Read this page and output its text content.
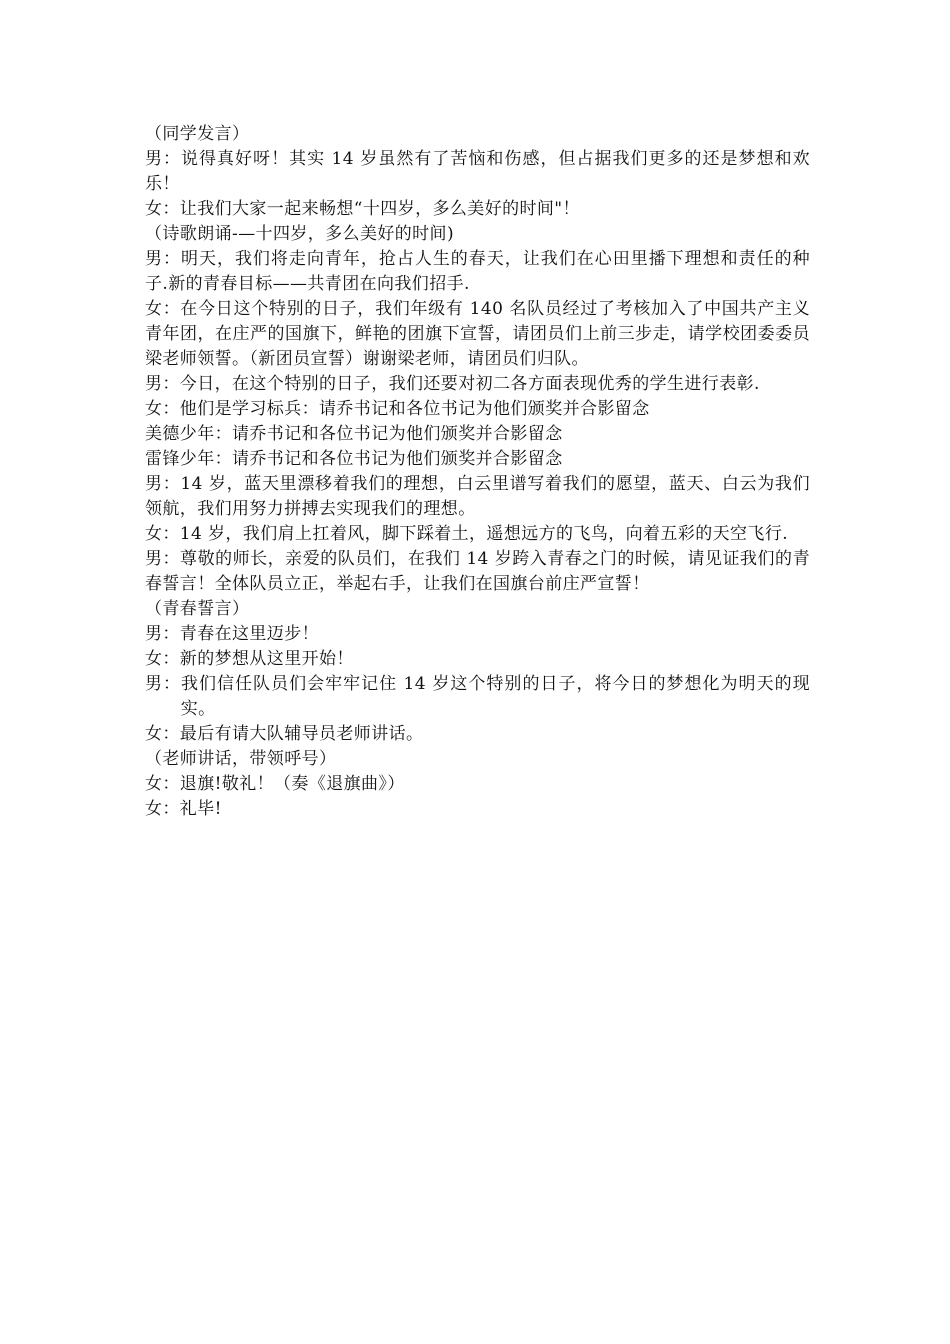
（同学发言）

男：说得真好呀！其实 14 岁虽然有了苦恼和伤感，但占据我们更多的还是梦想和欢乐！

女：让我们大家一起来畅想“十四岁，多么美好的时间"！

（诗歌朗诵-—十四岁，多么美好的时间)

男：明天，我们将走向青年，抢占人生的春天，让我们在心田里播下理想和责任的种子.新的青春目标——共青团在向我们招手.

女：在今日这个特别的日子，我们年级有 140 名队员经过了考核加入了中国共产主义青年团，在庄严的国旗下，鲜艳的团旗下宣誓，请团员们上前三步走，请学校团委委员梁老师领誓。（新团员宣誓）谢谢梁老师，请团员们归队。

男：今日，在这个特别的日子，我们还要对初二各方面表现优秀的学生进行表彰.

女：他们是学习标兵：请乔书记和各位书记为他们颁奖并合影留念

美德少年：请乔书记和各位书记为他们颁奖并合影留念

雷锋少年：请乔书记和各位书记为他们颁奖并合影留念

男：14 岁，蓝天里漂移着我们的理想，白云里谱写着我们的愿望，蓝天、白云为我们领航，我们用努力拼搏去实现我们的理想。

女：14 岁，我们肩上扛着风，脚下踩着土，遥想远方的飞鸟，向着五彩的天空飞行.

男：尊敬的师长，亲爱的队员们，在我们 14 岁跨入青春之门的时候，请见证我们的青春誓言！全体队员立正，举起右手，让我们在国旗台前庄严宣誓！

（青春誓言）

男：青春在这里迈步！

女：新的梦想从这里开始！

男：我们信任队员们会牢牢记住 14 岁这个特别的日子，将今日的梦想化为明天的现实。

女：最后有请大队辅导员老师讲话。

（老师讲话，带领呼号）

女：退旗!敬礼！（奏《退旗曲》）

女：礼毕!
